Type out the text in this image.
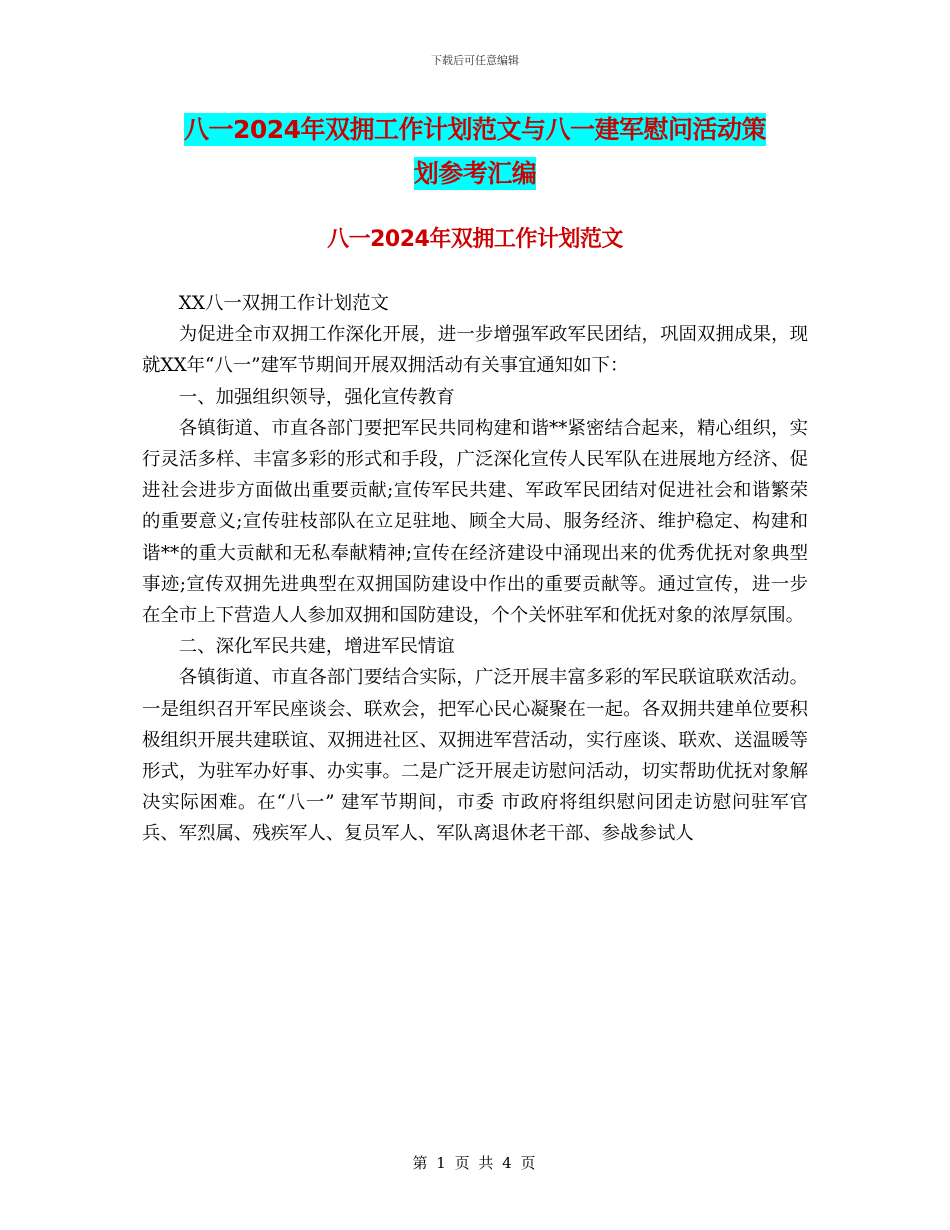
下载后可任意编辑
八一2024年双拥工作计划范文与八一建军慰问活动策
划参考汇编
八一2024年双拥工作计划范文

XX八一双拥工作计划范文

为促进全市双拥工作深化开展，进一步增强军政军民团结，巩固双拥成果，现就XX年“八一”建军节期间开展双拥活动有关事宜通知如下：

一、加强组织领导，强化宣传教育

各镇街道、市直各部门要把军民共同构建和谐**紧密结合起来，精心组织，实行灵活多样、丰富多彩的形式和手段，广泛深化宣传人民军队在进展地方经济、促进社会进步方面做出重要贡献;宣传军民共建、军政军民团结对促进社会和谐繁荣的重要意义;宣传驻枝部队在立足驻地、顾全大局、服务经济、维护稳定、构建和谐**的重大贡献和无私奉献精神;宣传在经济建设中涌现出来的优秀优抚对象典型事迹;宣传双拥先进典型在双拥国防建设中作出的重要贡献等。通过宣传，进一步在全市上下营造人人参加双拥和国防建设，个个关怀驻军和优抚对象的浓厚氛围。

二、深化军民共建，增进军民情谊

各镇街道、市直各部门要结合实际，广泛开展丰富多彩的军民联谊联欢活动。一是组织召开军民座谈会、联欢会，把军心民心凝聚在一起。各双拥共建单位要积极组织开展共建联谊、双拥进社区、双拥进军营活动，实行座谈、联欢、送温暖等形式，为驻军办好事、办实事。二是广泛开展走访慰问活动，切实帮助优抚对象解决实际困难。在“八一” 建军节期间，市委 市政府将组织慰问团走访慰问驻军官兵、军烈属、残疾军人、复员军人、军队离退休老干部、参战参试人

第 1 页 共 4 页
